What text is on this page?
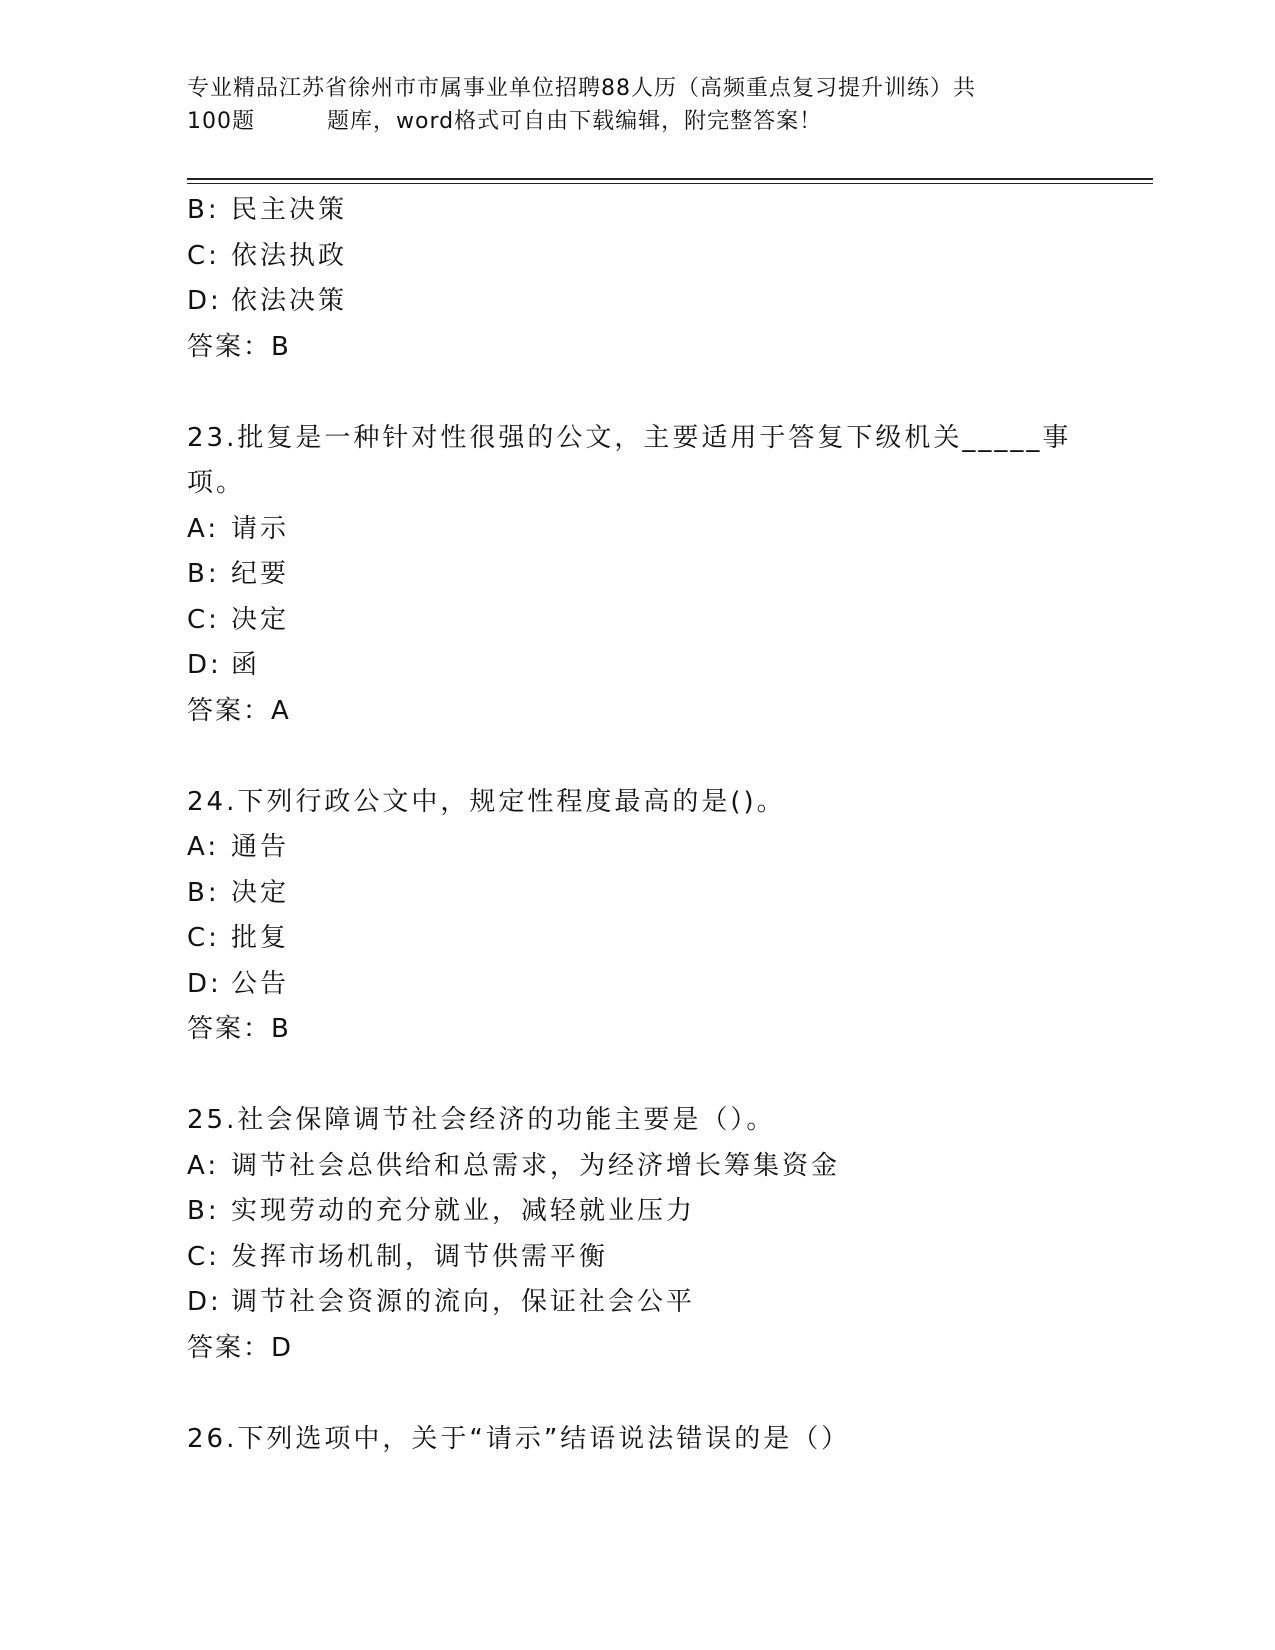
专业精品江苏省徐州市市属事业单位招聘88人历（高频重点复习提升训练）共
100题	题库，word格式可自由下载编辑，附完整答案！
B:民主决策
C:依法执政
D:依法决策
答案：B
23.批复是一种针对性很强的公文，主要适用于答复下级机关_____事
项。
A:请示
B:纪要
C:决定
D:函
答案：A
24.下列行政公文中，规定性程度最高的是()。
A:通告
B:决定
C:批复
D:公告
答案：B
25.社会保障调节社会经济的功能主要是（）。
A:调节社会总供给和总需求，为经济增长筹集资金
B:实现劳动的充分就业，减轻就业压力
C:发挥市场机制，调节供需平衡
D:调节社会资源的流向，保证社会公平
答案：D
26.下列选项中，关于“请示”结语说法错误的是（）
